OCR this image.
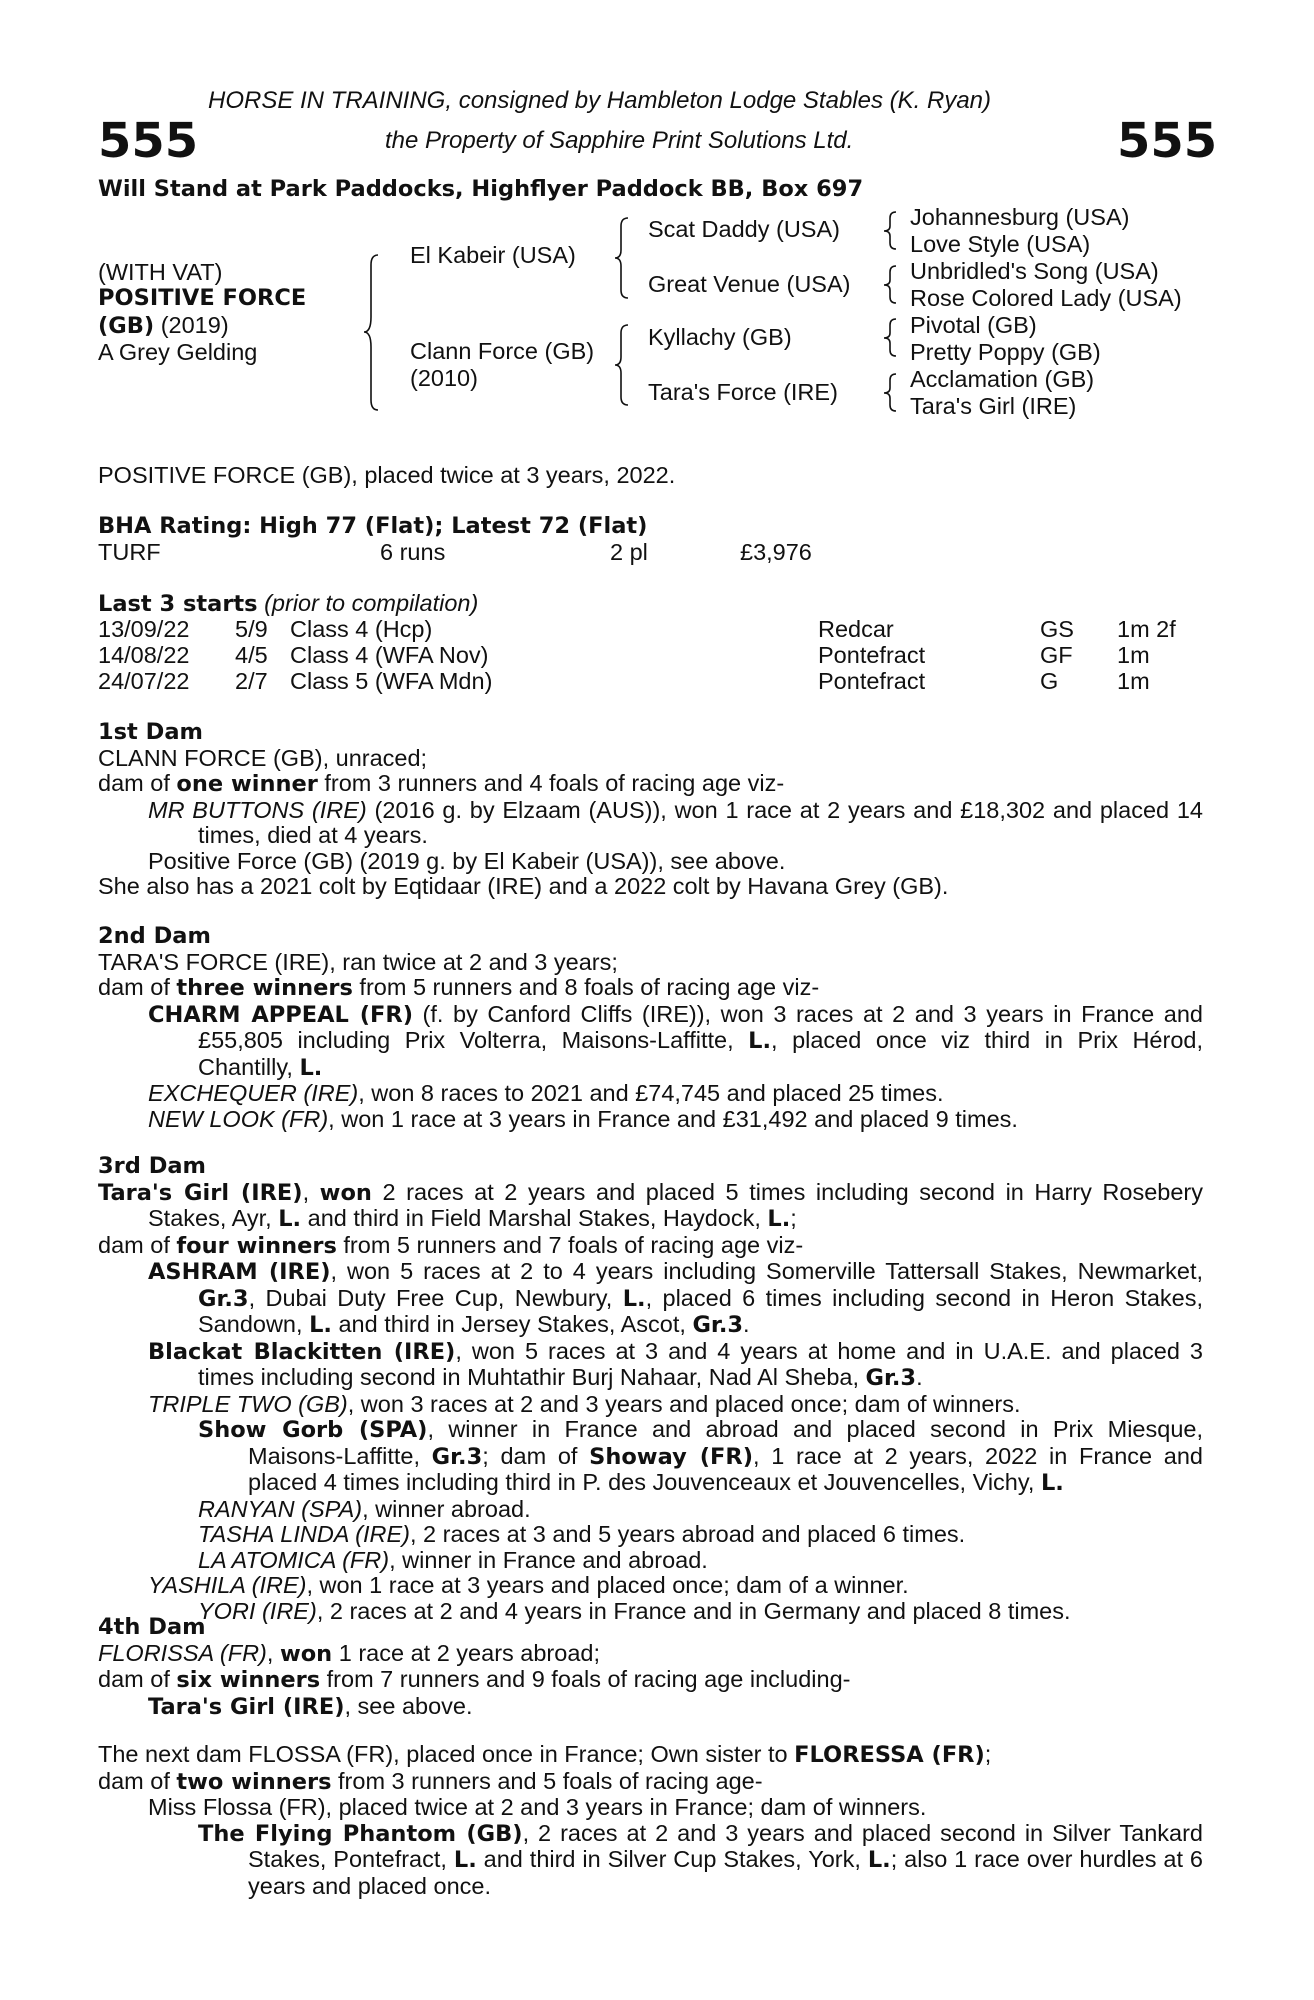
HORSE IN TRAINING, consigned by Hambleton Lodge Stables (K. Ryan)
555	the Property of Sapphire Print Solutions Ltd.	555
Will Stand at Park Paddocks, Highflyer Paddock BB, Box 697
(WITH VAT)
POSITIVE FORCE
(GB) (2019)
A Grey Gelding
El Kabeir (USA)
Clann Force (GB)
(2010)
Scat Daddy (USA)
Great Venue (USA)
Kyllachy (GB)
Tara's Force (IRE)
Johannesburg (USA)
Love Style (USA)
Unbridled's Song (USA)
Rose Colored Lady (USA)
Pivotal (GB)
Pretty Poppy (GB)
Acclamation (GB)
Tara's Girl (IRE)
POSITIVE FORCE (GB), placed twice at 3 years, 2022.
BHA Rating: High 77 (Flat); Latest 72 (Flat)
TURF	6 runs	2 pl	£3,976
Last 3 starts (prior to compilation)
13/09/22 5/9 Class 4 (Hcp)	Redcar	GS 1m 2f
14/08/22 4/5 Class 4 (WFA Nov)	Pontefract	GF 1m
24/07/22 2/7 Class 5 (WFA Mdn)	Pontefract	G 1m
1st Dam
CLANN FORCE (GB), unraced;
dam of one winner from 3 runners and 4 foals of racing age viz-
MR BUTTONS (IRE) (2016 g. by Elzaam (AUS)), won 1 race at 2 years and £18,302 and placed 14 times, died at 4 years.
Positive Force (GB) (2019 g. by El Kabeir (USA)), see above.
She also has a 2021 colt by Eqtidaar (IRE) and a 2022 colt by Havana Grey (GB).
2nd Dam
TARA'S FORCE (IRE), ran twice at 2 and 3 years;
dam of three winners from 5 runners and 8 foals of racing age viz-
CHARM APPEAL (FR) (f. by Canford Cliffs (IRE)), won 3 races at 2 and 3 years in France and £55,805 including Prix Volterra, Maisons-Laffitte, L., placed once viz third in Prix Hérod, Chantilly, L.
EXCHEQUER (IRE), won 8 races to 2021 and £74,745 and placed 25 times.
NEW LOOK (FR), won 1 race at 3 years in France and £31,492 and placed 9 times.
3rd Dam
Tara's Girl (IRE), won 2 races at 2 years and placed 5 times including second in Harry Rosebery Stakes, Ayr, L. and third in Field Marshal Stakes, Haydock, L.;
dam of four winners from 5 runners and 7 foals of racing age viz-
ASHRAM (IRE), won 5 races at 2 to 4 years including Somerville Tattersall Stakes, Newmarket, Gr.3, Dubai Duty Free Cup, Newbury, L., placed 6 times including second in Heron Stakes, Sandown, L. and third in Jersey Stakes, Ascot, Gr.3.
Blackat Blackitten (IRE), won 5 races at 3 and 4 years at home and in U.A.E. and placed 3 times including second in Muhtathir Burj Nahaar, Nad Al Sheba, Gr.3.
TRIPLE TWO (GB), won 3 races at 2 and 3 years and placed once; dam of winners.
Show Gorb (SPA), winner in France and abroad and placed second in Prix Miesque, Maisons-Laffitte, Gr.3; dam of Showay (FR), 1 race at 2 years, 2022 in France and placed 4 times including third in P. des Jouvenceaux et Jouvencelles, Vichy, L.
RANYAN (SPA), winner abroad.
TASHA LINDA (IRE), 2 races at 3 and 5 years abroad and placed 6 times.
LA ATOMICA (FR), winner in France and abroad.
YASHILA (IRE), won 1 race at 3 years and placed once; dam of a winner.
YORI (IRE), 2 races at 2 and 4 years in France and in Germany and placed 8 times.
4th Dam
FLORISSA (FR), won 1 race at 2 years abroad;
dam of six winners from 7 runners and 9 foals of racing age including-
Tara's Girl (IRE), see above.
The next dam FLOSSA (FR), placed once in France; Own sister to FLORESSA (FR);
dam of two winners from 3 runners and 5 foals of racing age-
Miss Flossa (FR), placed twice at 2 and 3 years in France; dam of winners.
The Flying Phantom (GB), 2 races at 2 and 3 years and placed second in Silver Tankard Stakes, Pontefract, L. and third in Silver Cup Stakes, York, L.; also 1 race over hurdles at 6 years and placed once.
